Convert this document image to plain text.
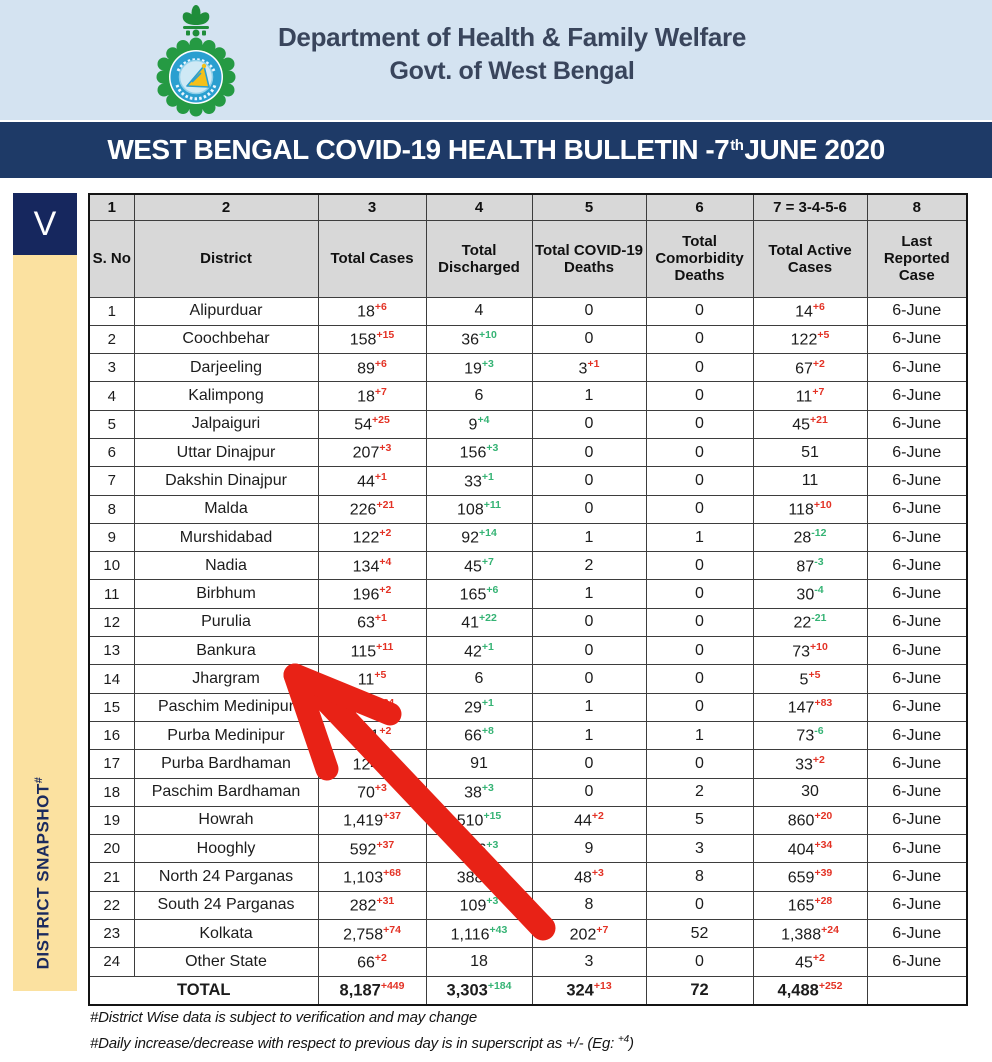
Department of Health & Family Welfare
Govt. of West Bengal
WEST BENGAL COVID-19 HEALTH BULLETIN - 7 th JUNE 2020
V
DISTRICT SNAPSHOT#
1	2	3	4	5	6	7 = 3-4-5-6	8
S. No	District	Total Cases	Total Discharged	Total COVID-19 Deaths	Total Comorbidity Deaths	Total Active Cases	Last Reported Case
1	Alipurduar	$18^{+6}$	4	0	0	$14^{+6}$	6-June
2	Coochbehar	$158^{+15}$	$36^{+10}$	0	0	$122^{+5}$	6-June
3	Darjeeling	$89^{+6}$	$19^{+3}$	$3^{+1}$	0	$67^{+2}$	6-June
4	Kalimpong	$18^{+7}$	6	1	0	$11^{+7}$	6-June
5	Jalpaiguri	$54^{+25}$	$9^{+4}$	0	0	$45^{+21}$	6-June
6	Uttar Dinajpur	$207^{+3}$	$156^{+3}$	0	0	51	6-June
7	Dakshin Dinajpur	$44^{+1}$	$33^{+1}$	0	0	11	6-June
8	Malda	$226^{+21}$	$108^{+11}$	0	0	$118^{+10}$	6-June
9	Murshidabad	$122^{+2}$	$92^{+14}$	1	1	$28^{-12}$	6-June
10	Nadia	$134^{+4}$	$45^{+7}$	2	0	$87^{-3}$	6-June
11	Birbhum	$196^{+2}$	$165^{+6}$	1	0	$30^{-4}$	6-June
12	Purulia	$63^{+1}$	$41^{+22}$	0	0	$22^{-21}$	6-June
13	Bankura	$115^{+11}$	$42^{+1}$	0	0	$73^{+10}$	6-June
14	Jhargram	$11^{+5}$	6	0	0	$5^{+5}$	6-June
15	Paschim Medinipur	$177^{+84}$	$29^{+1}$	1	0	$147^{+83}$	6-June
16	Purba Medinipur	$141^{+2}$	$66^{+8}$	1	1	$73^{-6}$	6-June
17	Purba Bardhaman	$124^{+2}$	91	0	0	$33^{+2}$	6-June
18	Paschim Bardhaman	$70^{+3}$	$38^{+3}$	0	2	30	6-June
19	Howrah	$1,419^{+37}$	$510^{+15}$	$44^{+2}$	5	$860^{+20}$	6-June
20	Hooghly	$592^{+37}$	$176^{+3}$	9	3	$404^{+34}$	6-June
21	North 24 Parganas	$1,103^{+68}$	$388^{+26}$	$48^{+3}$	8	$659^{+39}$	6-June
22	South 24 Parganas	$282^{+31}$	$109^{+3}$	8	0	$165^{+28}$	6-June
23	Kolkata	$2,758^{+74}$	$1,116^{+43}$	$202^{+7}$	52	$1,388^{+24}$	6-June
24	Other State	$66^{+2}$	18	3	0	$45^{+2}$	6-June
TOTAL		$8,187^{+449}$	$3,303^{+184}$	$324^{+13}$	72	$4,488^{+252}$	
#District Wise data is subject to verification and may change
#Daily increase/decrease with respect to previous day is in superscript as +/- (Eg: $^{+4}$)
